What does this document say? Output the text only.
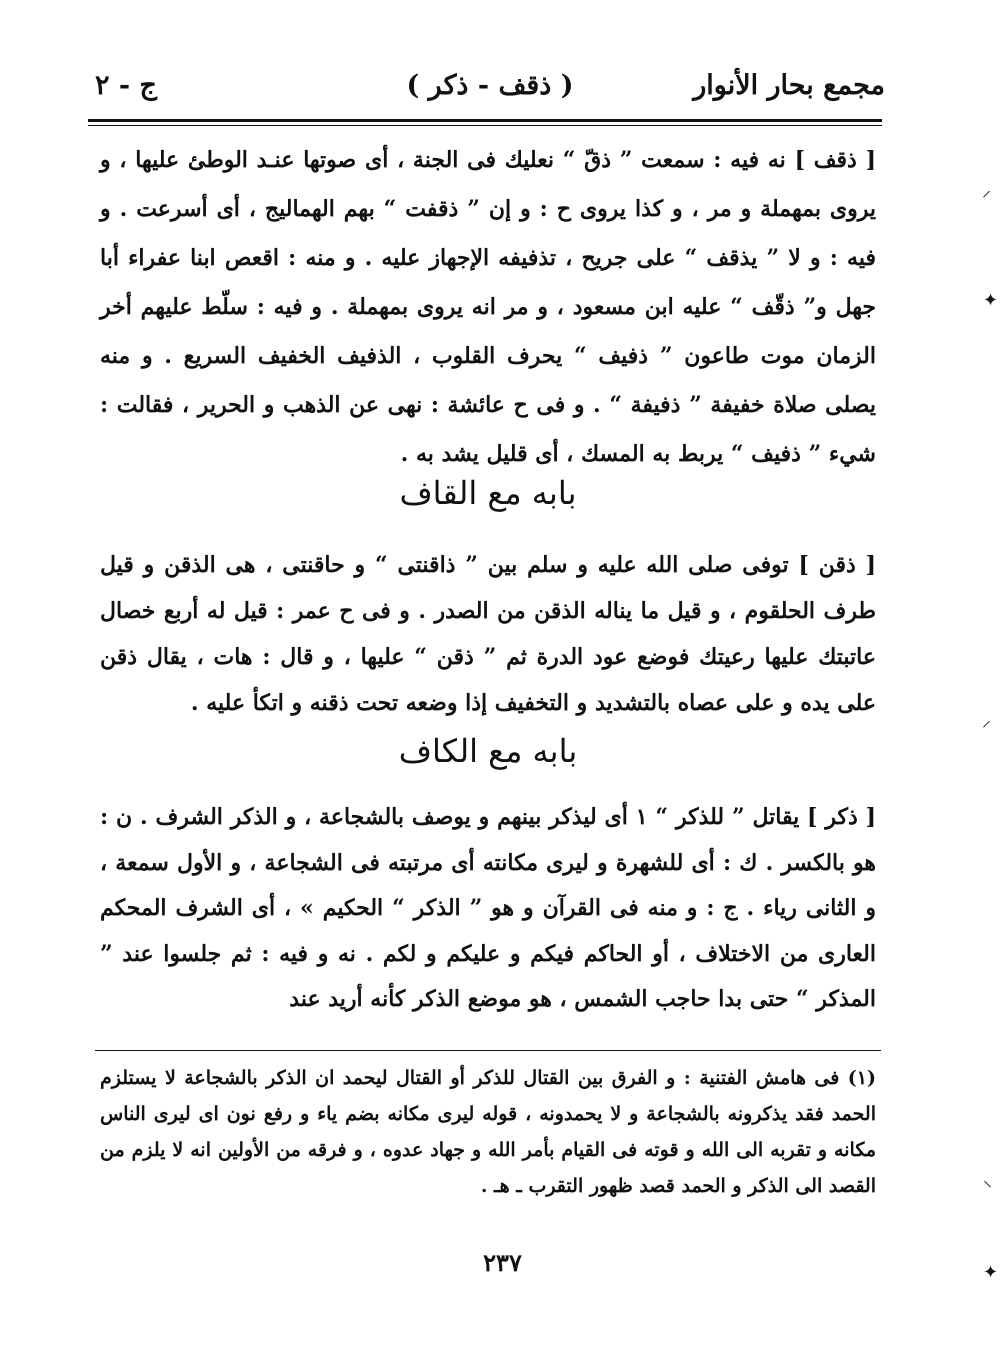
مجمع بحار الأنوار
( ذقف - ذكر )
ج - ٢

[ ذقف ] نه فيه : سمعت ” ذقّ “ نعليك فى الجنة ، أى صوتها عنـد الوطئ عليها ، و يروى بمهملة و مر ، و كذا يروى ح : و إن ” ذقفت “ بهم الهماليج ، أى أسرعت . و فيه : و لا ” يذقف “ على جريح ، تذفيفه الإجهاز عليه . و منه : اقعص ابنا عفراء أبا جهل و” ذقّف “ عليه ابن مسعود ، و مر انه يروى بمهملة . و فيه : سلّط عليهم أخر الزمان موت طاعون ” ذفيف “ يحرف القلوب ، الذفيف الخفيف السريع . و منه يصلى صلاة خفيفة ” ذفيفة “ . و فى ح عائشة : نهى عن الذهب و الحرير ، فقالت : شيء ” ذفيف “ يربط به المسك ، أى قليل يشد به .

بابه مع القاف

[ ذقن ] توفى صلى الله عليه و سلم بين ” ذاقنتى “ و حاقنتى ، هى الذقن و قيل طرف الحلقوم ، و قيل ما يناله الذقن من الصدر . و فى ح عمر : قيل له أربع خصال عاتبتك عليها رعيتك فوضع عود الدرة ثم ” ذقن “ عليها ، و قال : هات ، يقال ذقن على يده و على عصاه بالتشديد و التخفيف إذا وضعه تحت ذقنه و اتكأ عليه .

بابه مع الكاف

[ ذكر ] يقاتل ” للذكر “ ١ أى ليذكر بينهم و يوصف بالشجاعة ، و الذكر الشرف . ن : هو بالكسر . ك : أى للشهرة و ليرى مكانته أى مرتبته فى الشجاعة ، و الأول سمعة ، و الثانى رياء . ج : و منه فى القرآن و هو ” الذكر “ الحكيم » ، أى الشرف المحكم العارى من الاختلاف ، أو الحاكم فيكم و عليكم و لكم . نه و فيه : ثم جلسوا عند ” المذكر “ حتى بدا حاجب الشمس ، هو موضع الذكر كأنه أريد عند

(١) فى هامش الفتنية : و الفرق بين القتال للذكر أو القتال ليحمد ان الذكر بالشجاعة لا يستلزم الحمد فقد يذكرونه بالشجاعة و لا يحمدونه ، قوله ليرى مكانه بضم ياء و رفع نون اى ليرى الناس مكانه و تقربه الى الله و قوته فى القيام بأمر الله و جهاد عدوه ، و فرقه من الأولين انه لا يلزم من القصد الى الذكر و الحمد قصد ظهور التقرب ـ هـ .

٢٣٧
⸝
✦
⸝
⸜
✦
